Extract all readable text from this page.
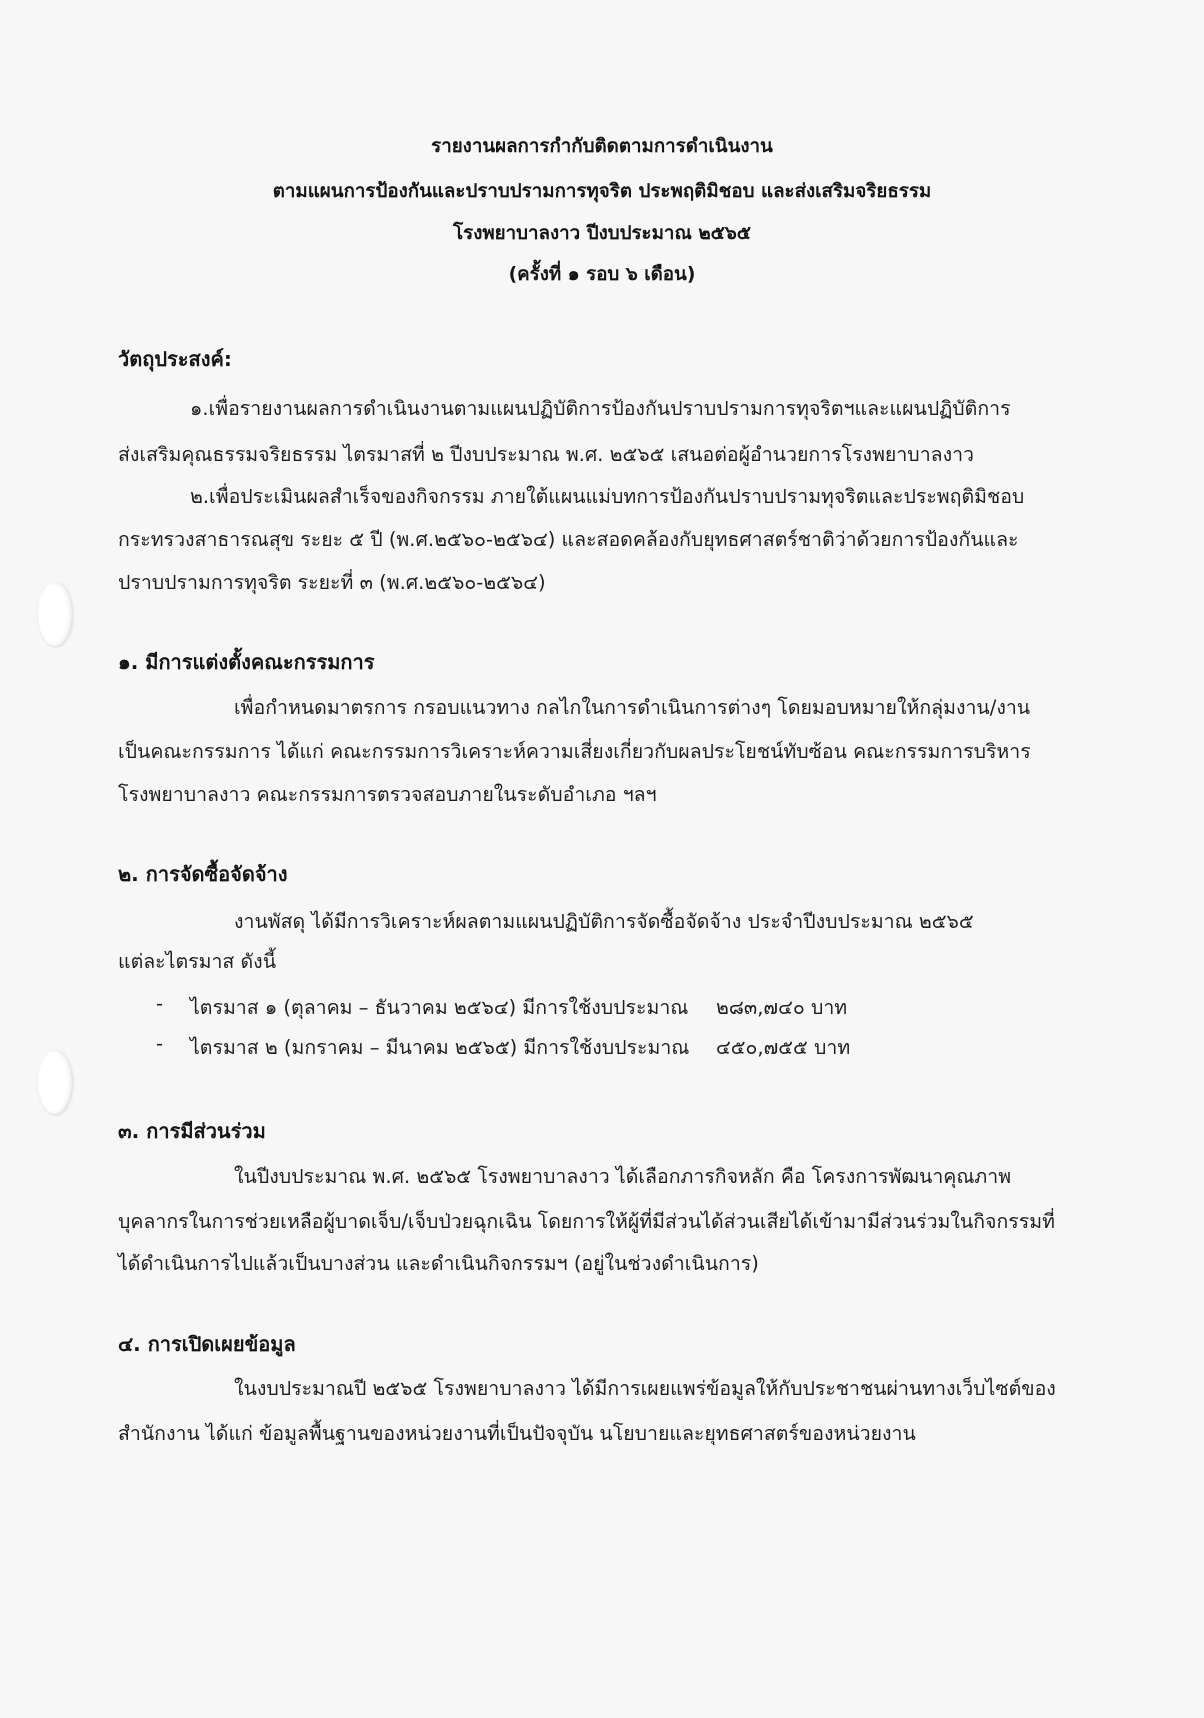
รายงานผลการกำกับติดตามการดำเนินงาน
ตามแผนการป้องกันและปราบปรามการทุจริต ประพฤติมิชอบ และส่งเสริมจริยธรรม
โรงพยาบาลงาว ปีงบประมาณ ๒๕๖๕
(ครั้งที่ ๑ รอบ ๖ เดือน)
วัตถุประสงค์:
๑.เพื่อรายงานผลการดำเนินงานตามแผนปฏิบัติการป้องกันปราบปรามการทุจริตฯและแผนปฏิบัติการ
ส่งเสริมคุณธรรมจริยธรรม ไตรมาสที่ ๒ ปีงบประมาณ พ.ศ. ๒๕๖๕ เสนอต่อผู้อำนวยการโรงพยาบาลงาว
๒.เพื่อประเมินผลสำเร็จของกิจกรรม ภายใต้แผนแม่บทการป้องกันปราบปรามทุจริตและประพฤติมิชอบ
กระทรวงสาธารณสุข ระยะ ๕ ปี (พ.ศ.๒๕๖๐-๒๕๖๔) และสอดคล้องกับยุทธศาสตร์ชาติว่าด้วยการป้องกันและ
ปราบปรามการทุจริต ระยะที่ ๓ (พ.ศ.๒๕๖๐-๒๕๖๔)
๑. มีการแต่งตั้งคณะกรรมการ
เพื่อกำหนดมาตรการ กรอบแนวทาง กลไกในการดำเนินการต่างๆ โดยมอบหมายให้กลุ่มงาน/งาน
เป็นคณะกรรมการ ได้แก่ คณะกรรมการวิเคราะห์ความเสี่ยงเกี่ยวกับผลประโยชน์ทับซ้อน คณะกรรมการบริหาร
โรงพยาบาลงาว คณะกรรมการตรวจสอบภายในระดับอำเภอ ฯลฯ
๒. การจัดซื้อจัดจ้าง
งานพัสดุ ได้มีการวิเคราะห์ผลตามแผนปฏิบัติการจัดซื้อจัดจ้าง ประจำปีงบประมาณ ๒๕๖๕
แต่ละไตรมาส ดังนี้
- ไตรมาส ๑ (ตุลาคม – ธันวาคม ๒๕๖๔) มีการใช้งบประมาณ ๒๘๓,๗๔๐ บาท
- ไตรมาส ๒ (มกราคม – มีนาคม ๒๕๖๕) มีการใช้งบประมาณ ๔๕๐,๗๕๕ บาท
๓. การมีส่วนร่วม
ในปีงบประมาณ พ.ศ. ๒๕๖๕ โรงพยาบาลงาว ได้เลือกภารกิจหลัก คือ โครงการพัฒนาคุณภาพ
บุคลากรในการช่วยเหลือผู้บาดเจ็บ/เจ็บป่วยฉุกเฉิน โดยการให้ผู้ที่มีส่วนได้ส่วนเสียได้เข้ามามีส่วนร่วมในกิจกรรมที่
ได้ดำเนินการไปแล้วเป็นบางส่วน และดำเนินกิจกรรมฯ (อยู่ในช่วงดำเนินการ)
๔. การเปิดเผยข้อมูล
ในงบประมาณปี ๒๕๖๕ โรงพยาบาลงาว ได้มีการเผยแพร่ข้อมูลให้กับประชาชนผ่านทางเว็บไซต์ของ
สำนักงาน ได้แก่ ข้อมูลพื้นฐานของหน่วยงานที่เป็นปัจจุบัน นโยบายและยุทธศาสตร์ของหน่วยงาน
